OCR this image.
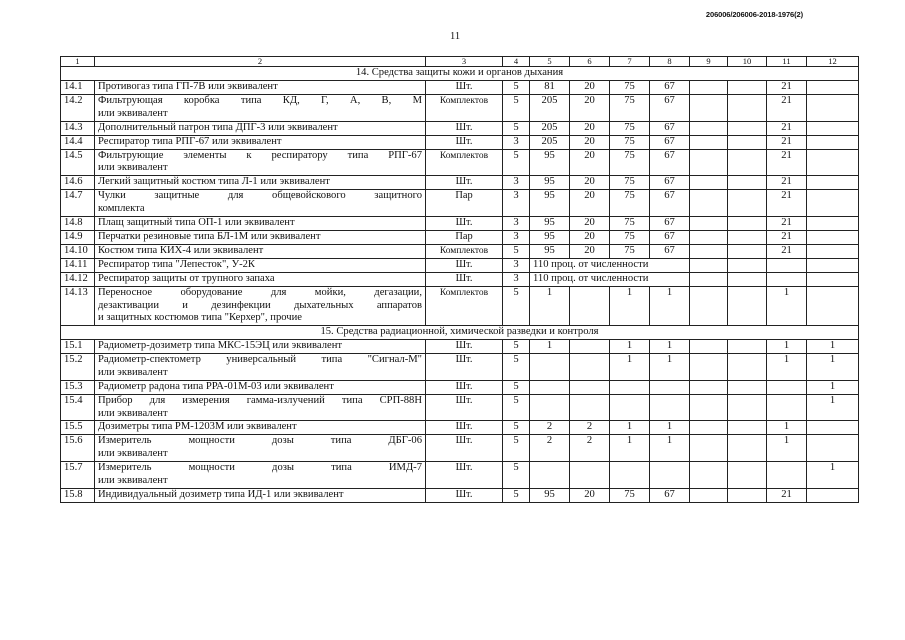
206006/206006-2018-1976(2)
11
1	2	3	4	5	6	7	8	9	10	11	12
14. Средства защиты кожи и органов дыхания											
14.1	Противогаз типа ГП-7В или эквивалент	Шт.	5	81	20	75	67			21	
14.2	Фильтрующая коробка типа КД, Г, А, В, М
или эквивалент	Комплектов	5	205	20	75	67			21	
14.3	Дополнительный патрон типа ДПГ-3 или эквивалент	Шт.	5	205	20	75	67			21	
14.4	Респиратор типа РПГ-67 или эквивалент	Шт.	3	205	20	75	67			21	
14.5	Фильтрующие элементы к респиратору типа РПГ-67
или эквивалент	Комплектов	5	95	20	75	67			21	
14.6	Легкий защитный костюм типа Л-1 или эквивалент	Шт.	3	95	20	75	67			21	
14.7	Чулки защитные для общевойскового защитного
комплекта	Пар	3	95	20	75	67			21	
14.8	Плащ защитный типа ОП-1 или эквивалент	Шт.	3	95	20	75	67			21	
14.9	Перчатки резиновые типа БЛ-1М или эквивалент	Пар	3	95	20	75	67			21	
14.10	Костюм типа КИХ-4 или эквивалент	Комплектов	5	95	20	75	67			21	
14.11	Респиратор типа "Лепесток", У-2К	Шт.	3	110 проц. от численности							
14.12	Респиратор защиты от трупного запаха	Шт.	3	110 проц. от численности							
14.13	Переносное оборудование для мойки, дегазации,
дезактивации и дезинфекции дыхательных аппаратов
и защитных костюмов типа "Керхер", прочие	Комплектов	5	1		1	1			1	
15. Средства радиационной, химической разведки и контроля											
15.1	Радиометр-дозиметр типа МКС-15ЭЦ или эквивалент	Шт.	5	1		1	1			1	1
15.2	Радиометр-спектометр универсальный типа "Сигнал-М"
или эквивалент	Шт.	5			1	1			1	1
15.3	Радиометр радона типа РРА-01М-03 или эквивалент	Шт.	5								1
15.4	Прибор для измерения гамма-излучений типа СРП-88Н
или эквивалент	Шт.	5								1
15.5	Дозиметры типа РМ-1203М или эквивалент	Шт.	5	2	2	1	1			1	
15.6	Измеритель мощности дозы типа ДБГ-06
или эквивалент	Шт.	5	2	2	1	1			1	
15.7	Измеритель мощности дозы типа ИМД-7
или эквивалент	Шт.	5								1
15.8	Индивидуальный дозиметр типа ИД-1 или эквивалент	Шт.	5	95	20	75	67			21	
